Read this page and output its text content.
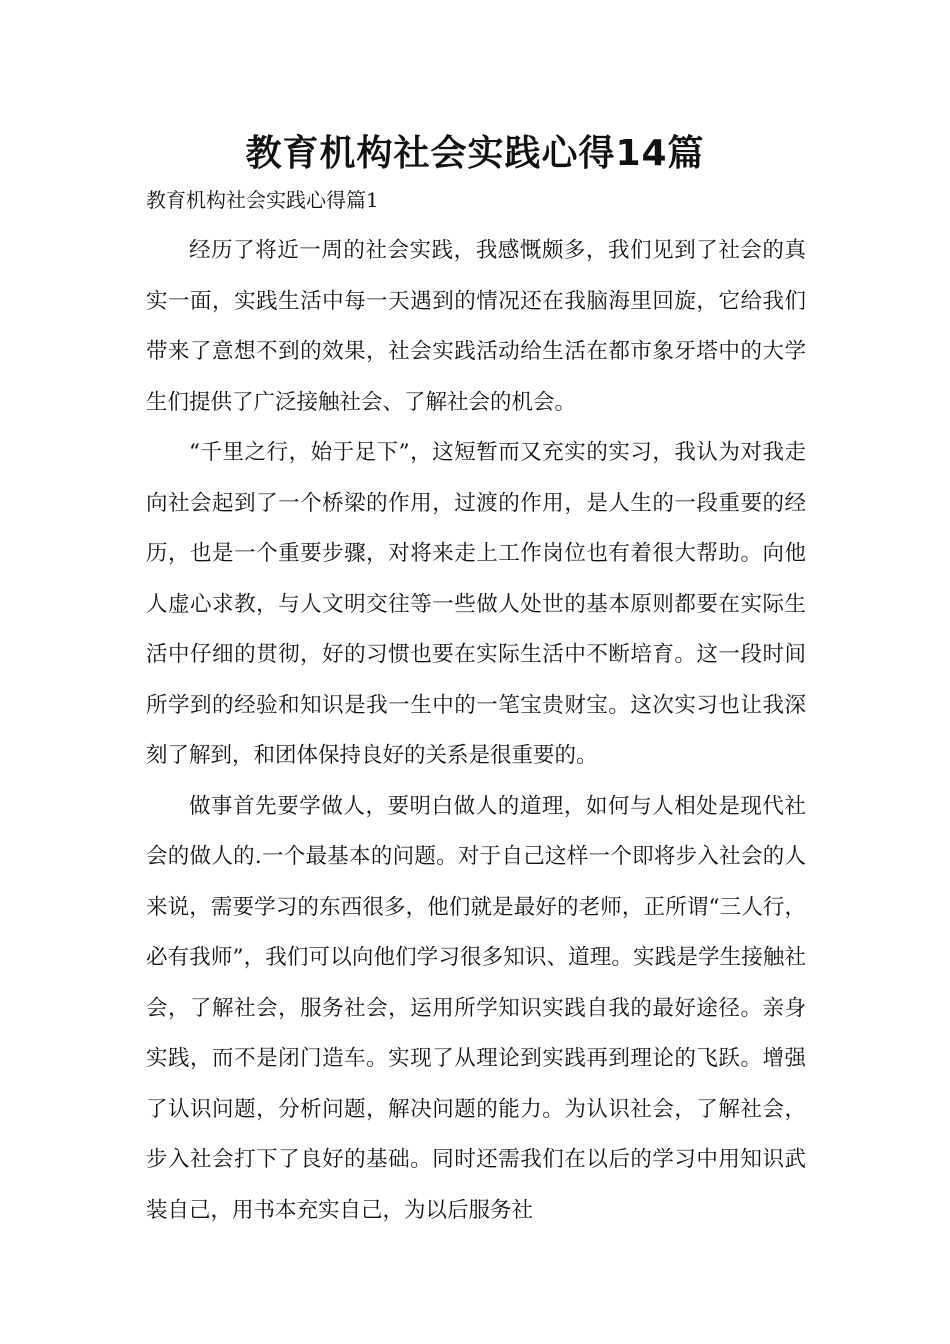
教育机构社会实践心得14篇

教育机构社会实践心得篇1

经历了将近一周的社会实践，我感慨颇多，我们见到了社会的真实一面，实践生活中每一天遇到的情况还在我脑海里回旋，它给我们带来了意想不到的效果，社会实践活动给生活在都市象牙塔中的大学生们提供了广泛接触社会、了解社会的机会。

“千里之行，始于足下”，这短暂而又充实的实习，我认为对我走向社会起到了一个桥梁的作用，过渡的作用，是人生的一段重要的经历，也是一个重要步骤，对将来走上工作岗位也有着很大帮助。向他人虚心求教，与人文明交往等一些做人处世的基本原则都要在实际生活中仔细的贯彻，好的习惯也要在实际生活中不断培育。这一段时间所学到的经验和知识是我一生中的一笔宝贵财宝。这次实习也让我深刻了解到，和团体保持良好的关系是很重要的。

做事首先要学做人，要明白做人的道理，如何与人相处是现代社会的做人的.一个最基本的问题。对于自己这样一个即将步入社会的人来说，需要学习的东西很多，他们就是最好的老师，正所谓“三人行，必有我师”，我们可以向他们学习很多知识、道理。实践是学生接触社会，了解社会，服务社会，运用所学知识实践自我的最好途径。亲身实践，而不是闭门造车。实现了从理论到实践再到理论的飞跃。增强了认识问题，分析问题，解决问题的能力。为认识社会，了解社会，步入社会打下了良好的基础。同时还需我们在以后的学习中用知识武装自己，用书本充实自己，为以后服务社
